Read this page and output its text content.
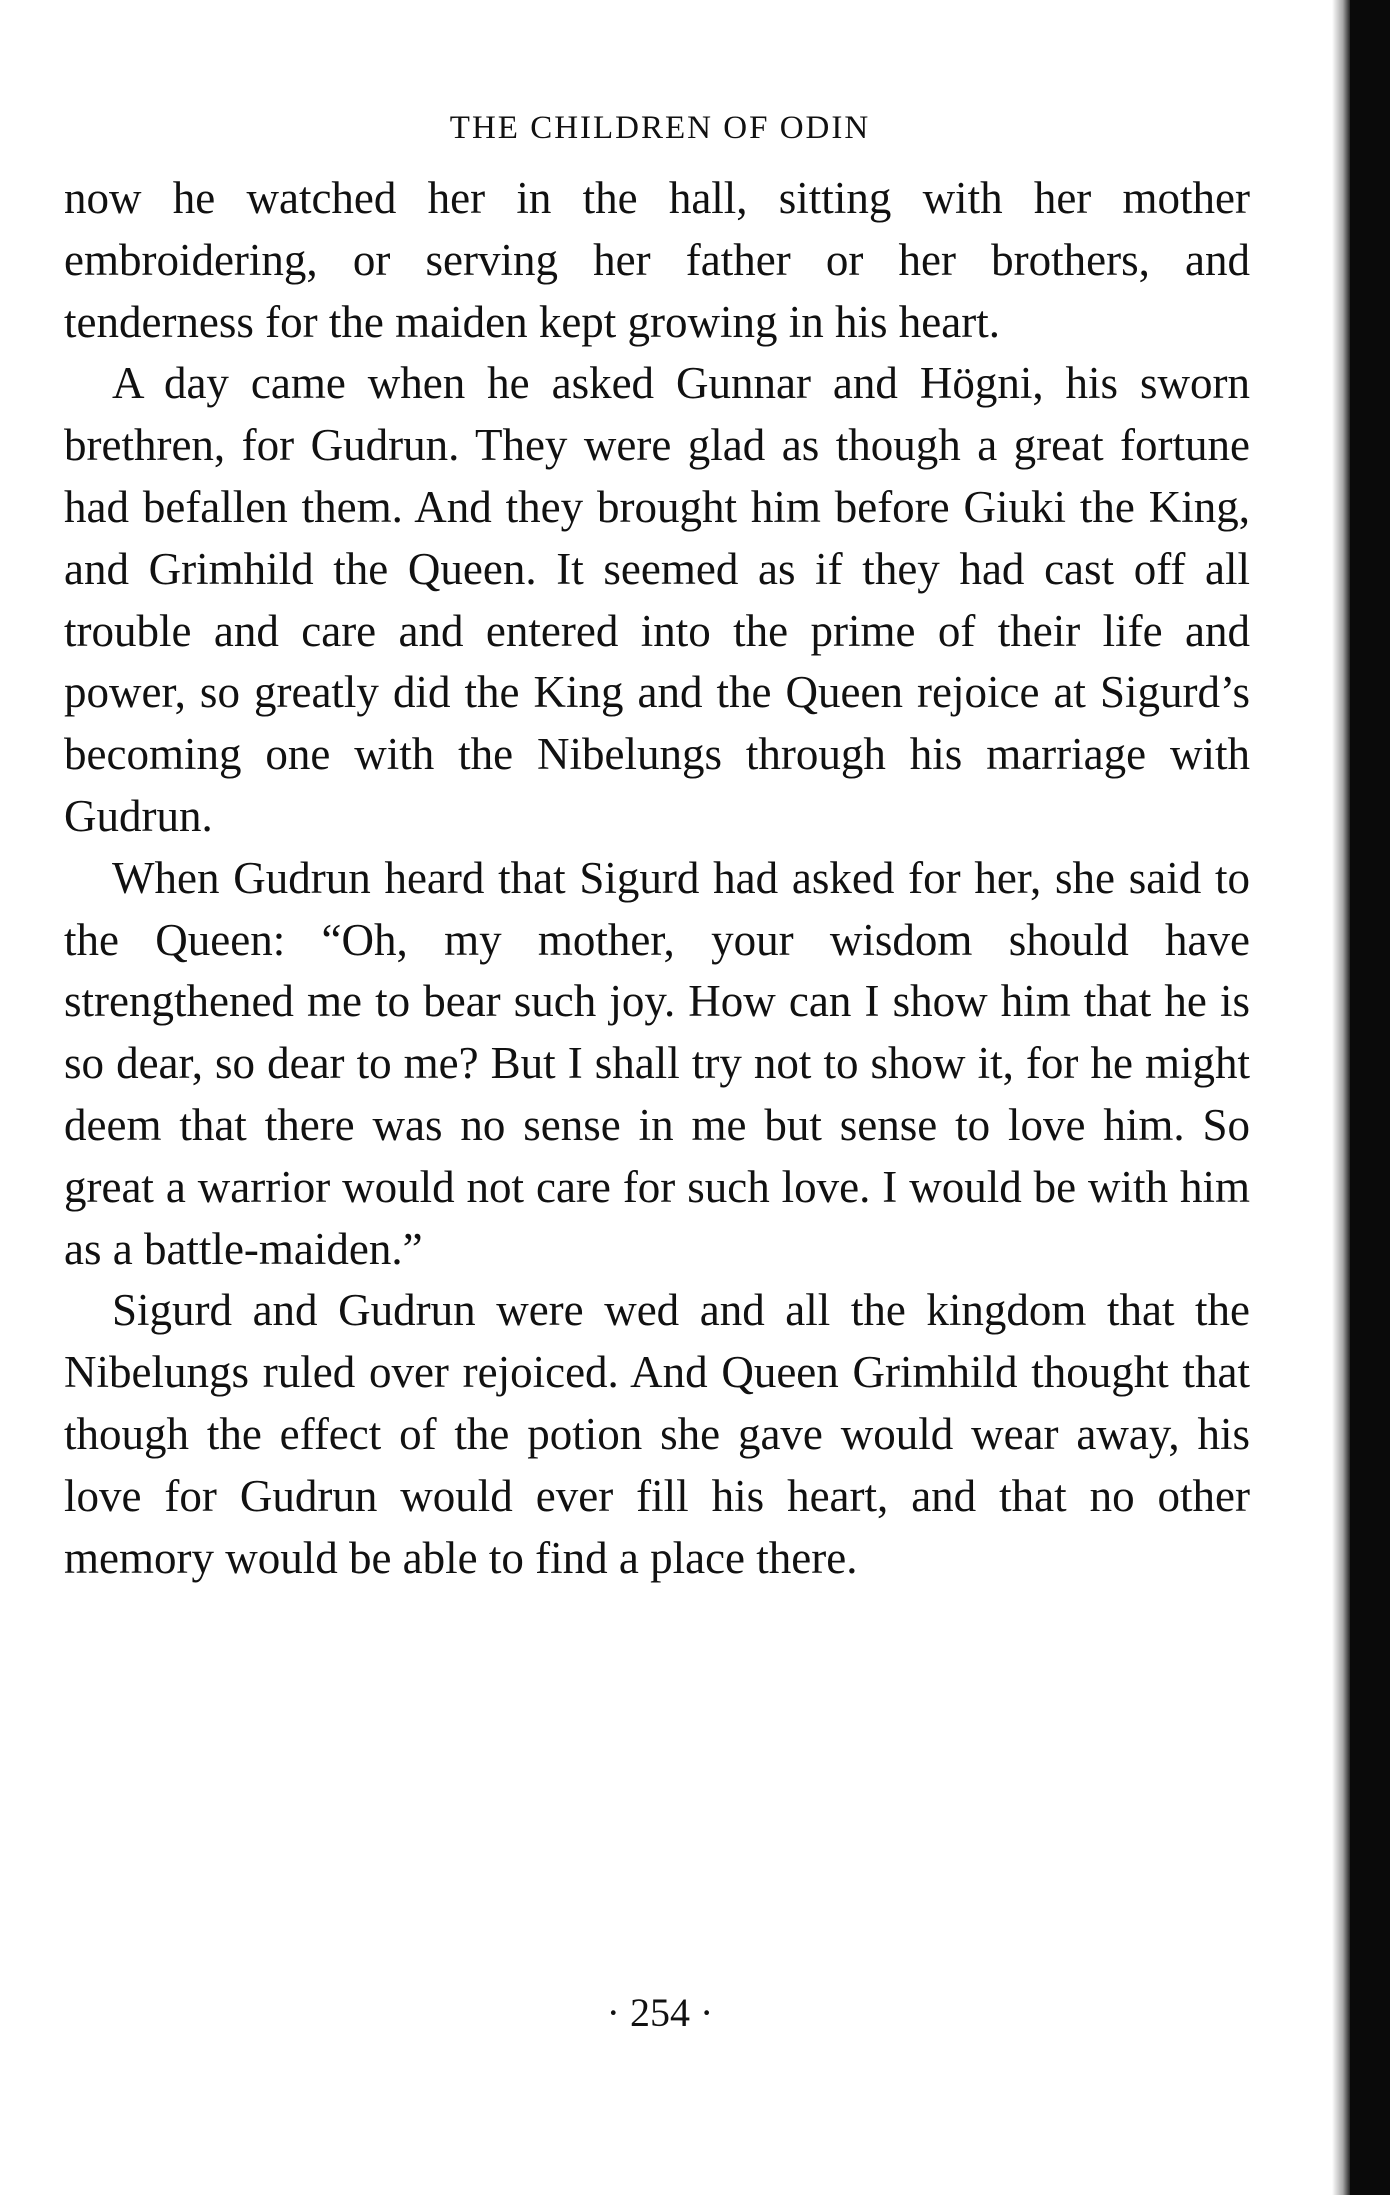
THE CHILDREN OF ODIN

now he watched her in the hall, sitting with her mother embroidering, or serving her father or her brothers, and tenderness for the maiden kept growing in his heart.

A day came when he asked Gunnar and Högni, his sworn brethren, for Gudrun. They were glad as though a great fortune had befallen them. And they brought him before Giuki the King, and Grimhild the Queen. It seemed as if they had cast off all trouble and care and entered into the prime of their life and power, so greatly did the King and the Queen rejoice at Sigurd’s becoming one with the Nibelungs through his marriage with Gudrun.

When Gudrun heard that Sigurd had asked for her, she said to the Queen: “Oh, my mother, your wisdom should have strengthened me to bear such joy. How can I show him that he is so dear, so dear to me? But I shall try not to show it, for he might deem that there was no sense in me but sense to love him. So great a warrior would not care for such love. I would be with him as a battle-maiden.”

Sigurd and Gudrun were wed and all the kingdom that the Nibelungs ruled over rejoiced. And Queen Grimhild thought that though the effect of the potion she gave would wear away, his love for Gudrun would ever fill his heart, and that no other memory would be able to find a place there.

· 254 ·
